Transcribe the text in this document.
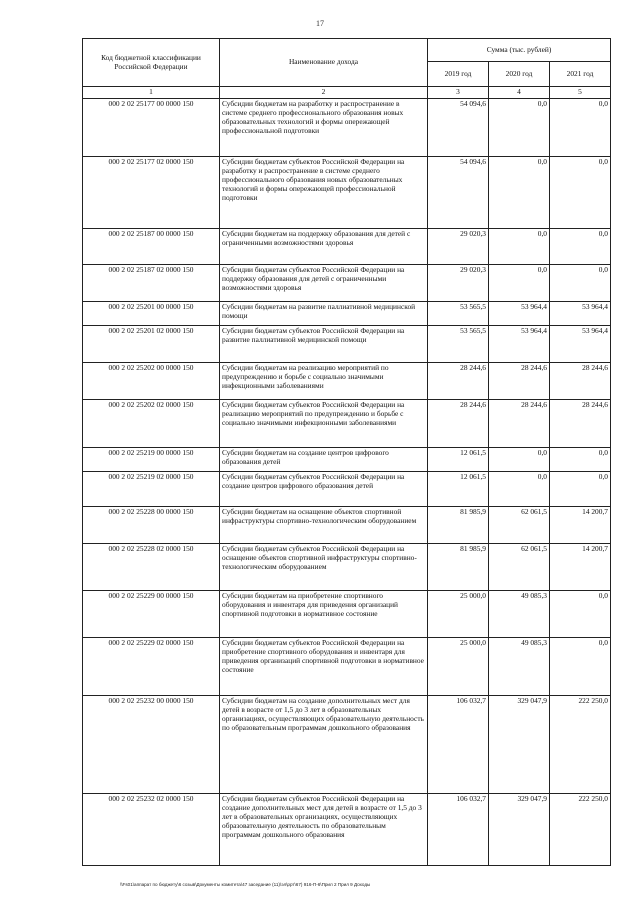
17
Код бюджетной классификации Российской Федерации	Наименование дохода	Сумма (тыс. рублей)		
		2019 год	2020 год	2021 год
1	2	3	4	5
000 2 02 25177 00 0000 150	Субсидии бюджетам на разработку и распространение в системе среднего профессионального образования новых образовательных технологий и формы опережающей профессиональной подготовки	54 094,6	0,0	0,0
000 2 02 25177 02 0000 150	Субсидии бюджетам субъектов Российской Федерации на разработку и распространение в системе среднего профессионального образования новых образовательных технологий и формы опережающей профессиональной подготовки	54 094,6	0,0	0,0
000 2 02 25187 00 0000 150	Субсидии бюджетам на поддержку образования для детей с ограниченными возможностями здоровья	29 020,3	0,0	0,0
000 2 02 25187 02 0000 150	Субсидии бюджетам субъектов Российской Федерации на поддержку образования для детей с ограниченными возможностями здоровья	29 020,3	0,0	0,0
000 2 02 25201 00 0000 150	Субсидии бюджетам на развитие паллиативной медицинской помощи	53 565,5	53 964,4	53 964,4
000 2 02 25201 02 0000 150	Субсидии бюджетам субъектов Российской Федерации на развитие паллиативной медицинской помощи	53 565,5	53 964,4	53 964,4
000 2 02 25202 00 0000 150	Субсидии бюджетам на реализацию мероприятий по предупреждению и борьбе с социально значимыми инфекционными заболеваниями	28 244,6	28 244,6	28 244,6
000 2 02 25202 02 0000 150	Субсидии бюджетам субъектов Российской Федерации на реализацию мероприятий по предупреждению и борьбе с социально значимыми инфекционными заболеваниями	28 244,6	28 244,6	28 244,6
000 2 02 25219 00 0000 150	Субсидии бюджетам на создание центров цифрового образования детей	12 061,5	0,0	0,0
000 2 02 25219 02 0000 150	Субсидии бюджетам субъектов Российской Федерации на создание центров цифрового образования детей	12 061,5	0,0	0,0
000 2 02 25228 00 0000 150	Субсидии бюджетам на оснащение объектов спортивной инфраструктуры спортивно-технологическим оборудованием	81 985,9	62 061,5	14 200,7
000 2 02 25228 02 0000 150	Субсидии бюджетам субъектов Российской Федерации на оснащение объектов спортивной инфраструктуры спортивно-технологическим оборудованием	81 985,9	62 061,5	14 200,7
000 2 02 25229 00 0000 150	Субсидии бюджетам на приобретение спортивного оборудования и инвентаря для приведения организаций спортивной подготовки в нормативное состояние	25 000,0	49 085,3	0,0
000 2 02 25229 02 0000 150	Субсидии бюджетам субъектов Российской Федерации на приобретение спортивного оборудования и инвентаря для приведения организаций спортивной подготовки в нормативное состояние	25 000,0	49 085,3	0,0
000 2 02 25232 00 0000 150	Субсидии бюджетам на создание дополнительных мест для детей в возрасте от 1,5 до 3 лет в образовательных организациях, осуществляющих образовательную деятельность по образовательным программам дошкольного образования	106 032,7	329 047,9	222 250,0
000 2 02 25232 02 0000 150	Субсидии бюджетам субъектов Российской Федерации на создание дополнительных мест для детей в возрасте от 1,5 до 3 лет в образовательных организациях, осуществляющих образовательную деятельность по образовательным программам дошкольного образования	106 032,7	329 047,9	222 250,0
\\Fs01\аппарат по бюджету\6 созыв\Документы комитета\47 заседание (11)\эл\ррт\67) 916-П-6\Прил 2 Прил 9 Доходы
